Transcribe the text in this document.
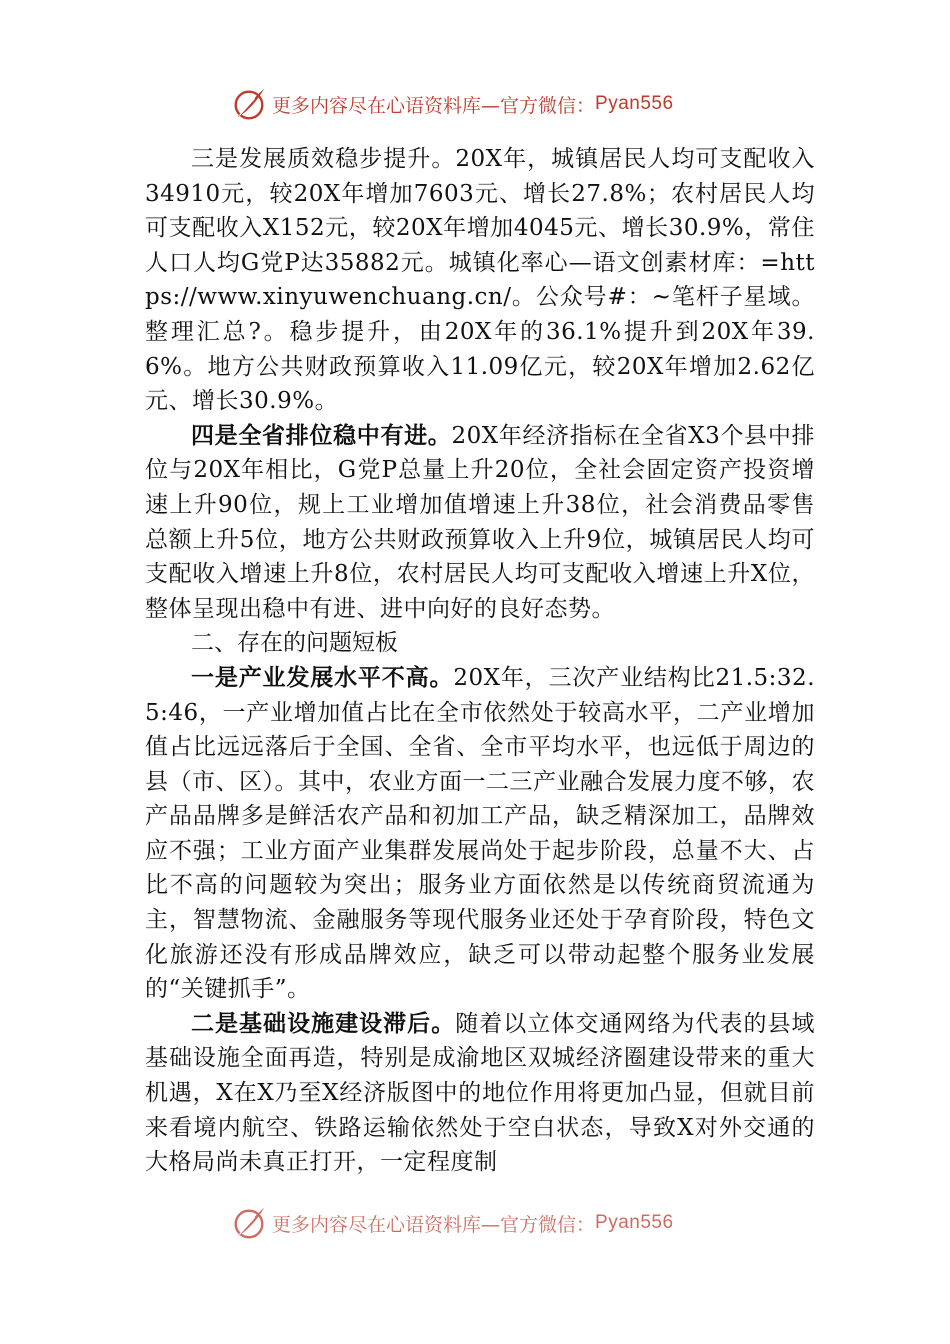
更多内容尽在心语资料库—官方微信： Pyan556

三是发展质效稳步提升。20X年，城镇居民人均可支配收入34910元，较20X年增加7603元、增长27.8%；农村居民人均可支配收入X152元，较20X年增加4045元、增长30.9%，常住人口人均G党P达35882元。城镇化率心—语文创素材库：=https://www.xinyuwenchuang.cn/。公众号#：~笔杆子星域。整理汇总?。稳步提升，由20X年的36.1%提升到20X年39.6%。地方公共财政预算收入11.09亿元，较20X年增加2.62亿元、增长30.9%。

四是全省排位稳中有进。20X年经济指标在全省X3个县中排位与20X年相比，G党P总量上升20位，全社会固定资产投资增速上升90位，规上工业增加值增速上升38位，社会消费品零售总额上升5位，地方公共财政预算收入上升9位，城镇居民人均可支配收入增速上升8位，农村居民人均可支配收入增速上升X位，整体呈现出稳中有进、进中向好的良好态势。

二、存在的问题短板

一是产业发展水平不高。20X年，三次产业结构比21.5:32.5:46，一产业增加值占比在全市依然处于较高水平，二产业增加值占比远远落后于全国、全省、全市平均水平，也远低于周边的县（市、区）。其中，农业方面一二三产业融合发展力度不够，农产品品牌多是鲜活农产品和初加工产品，缺乏精深加工，品牌效应不强；工业方面产业集群发展尚处于起步阶段，总量不大、占比不高的问题较为突出；服务业方面依然是以传统商贸流通为主，智慧物流、金融服务等现代服务业还处于孕育阶段，特色文化旅游还没有形成品牌效应，缺乏可以带动起整个服务业发展的“关键抓手”。

二是基础设施建设滞后。随着以立体交通网络为代表的县域基础设施全面再造，特别是成渝地区双城经济圈建设带来的重大机遇，X在X乃至X经济版图中的地位作用将更加凸显，但就目前来看境内航空、铁路运输依然处于空白状态，导致X对外交通的大格局尚未真正打开，一定程度制

更多内容尽在心语资料库—官方微信： Pyan556
